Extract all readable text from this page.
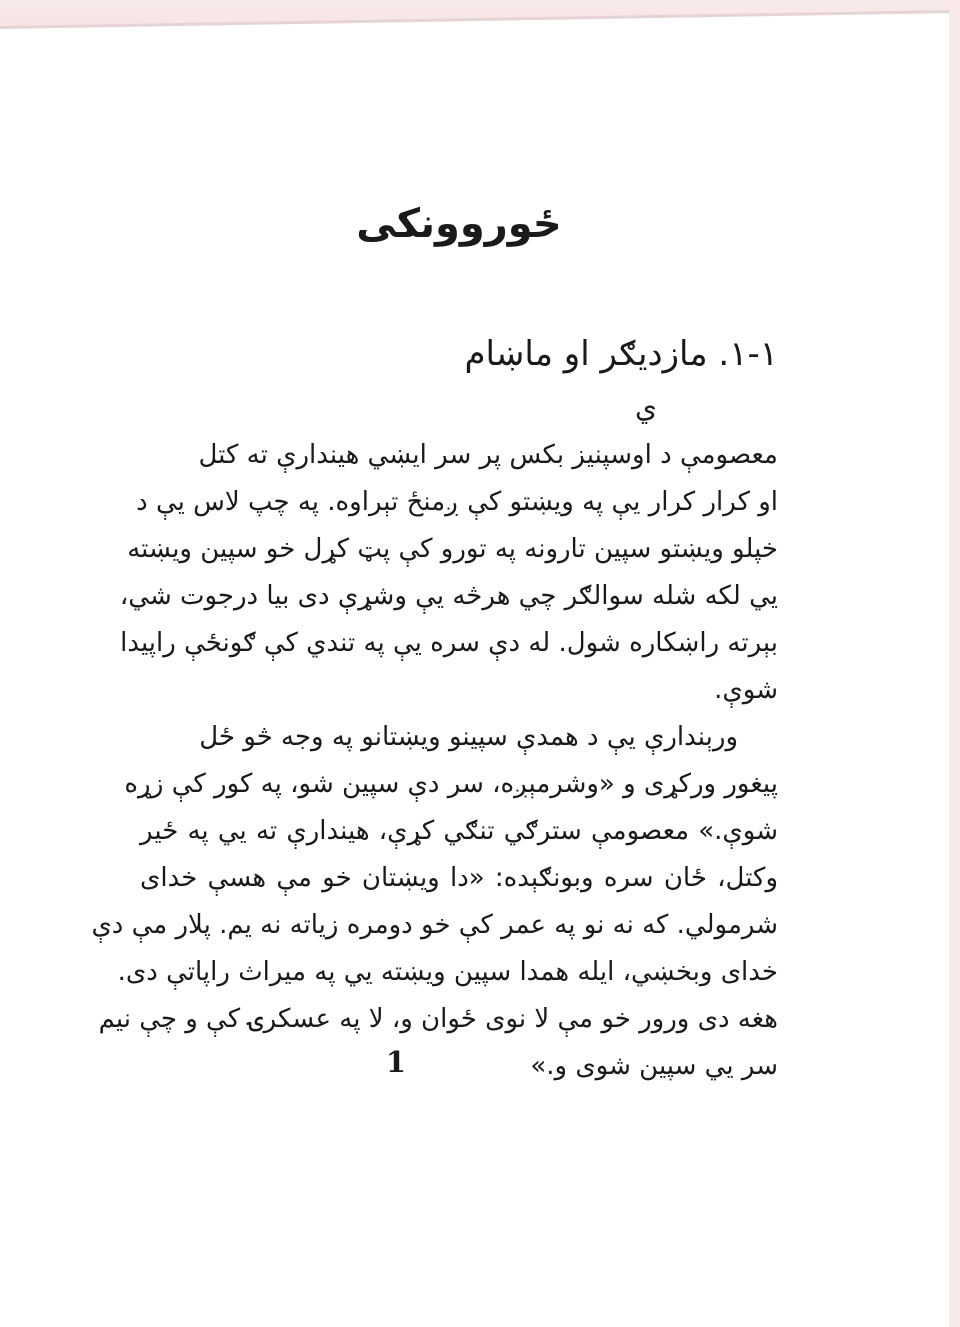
ځوروونكی
۱-۱. مازديګر او ماښام
ي
معصومې د اوسپنيز بكس پر سر ايښي هيندارې ته كتل
او كرار كرار يې په ويښتو كې ږمنځ تېراوه. په چپ لاس يې د
خپلو ويښتو سپين تارونه په تورو كې پټ كړل خو سپين ويښته
يي لكه شله سوالګر چي هرڅه يې وشړې دى بيا درجوت شي،
بېرته راښكاره شول. له دې سره يې په تندي كې ګونځې راپيدا
شوې.
ورېندارې يې د همدې سپينو ويښتانو په وجه څو ځل
پيغور وركړى و «وشرمېږه، سر دې سپين شو، په كور كې زړه
شوې.» معصومې سترګي تنګي كړې، هيندارې ته يي په ځير
وكتل، ځان سره وبونګېده: «دا ويښتان خو مې هسې خداى
شرمولي. كه نه نو په عمر كې خو دومره زياته نه يم. پلار مې دې
خداى وبخښي، ايله همدا سپين ويښته يي په ميراث راپاتې دى.
هغه دى ورور خو مې لا نوى ځوان و، لا په عسكرۍ كې و چې نيم
سر يي سپين شوى و.»
1
